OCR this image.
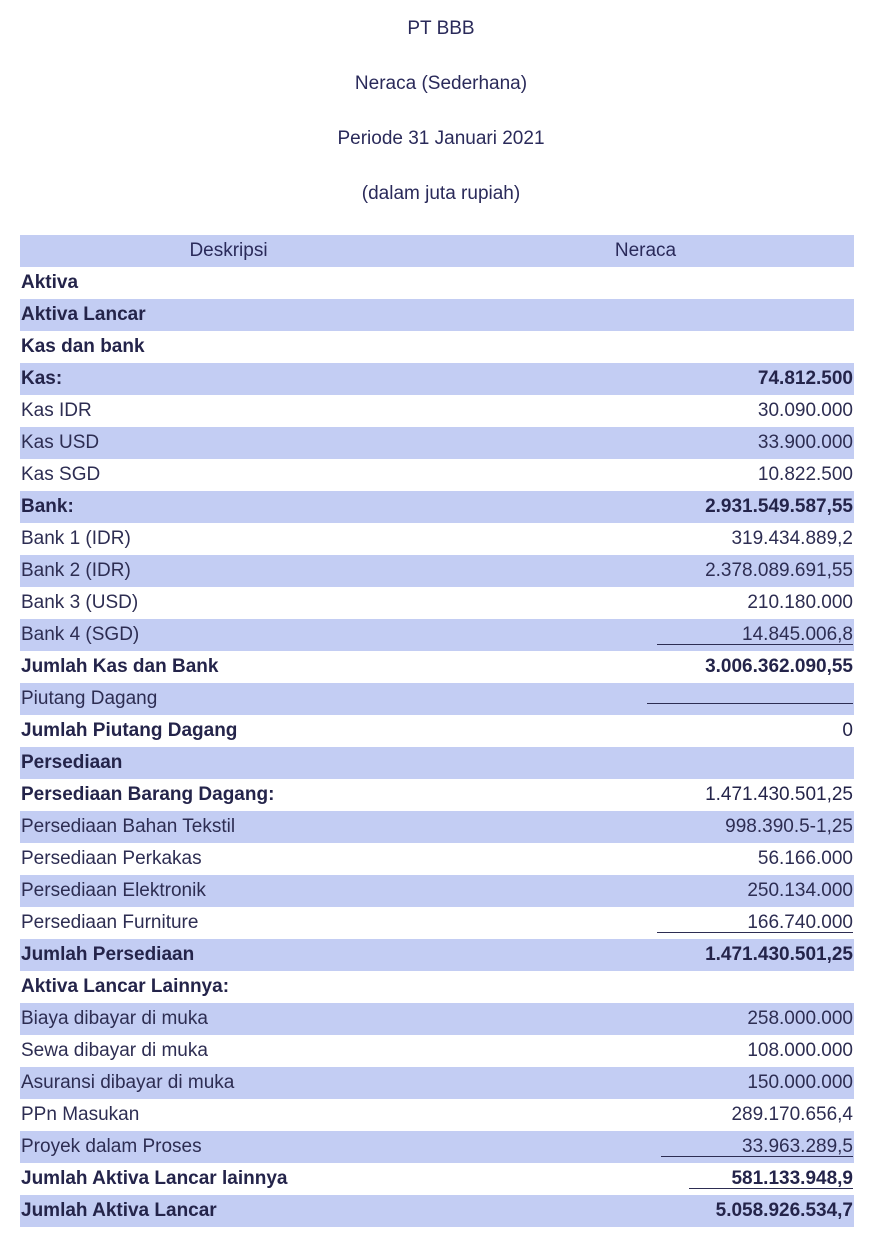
PT BBB
Neraca (Sederhana)
Periode 31 Januari 2021
(dalam juta rupiah)
Deskripsi	Neraca
Aktiva	
Aktiva Lancar	
Kas dan bank	
Kas:	74.812.500
Kas IDR	30.090.000
Kas USD	33.900.000
Kas SGD	10.822.500
Bank:	2.931.549.587,55
Bank 1 (IDR)	319.434.889,2
Bank 2 (IDR)	2.378.089.691,55
Bank 3 (USD)	210.180.000
Bank 4 (SGD)	14.845.006,8
Jumlah Kas dan Bank	3.006.362.090,55
Piutang Dagang	
Jumlah Piutang Dagang	0
Persediaan	
Persediaan Barang Dagang:	1.471.430.501,25
Persediaan Bahan Tekstil	998.390.5-1,25
Persediaan Perkakas	56.166.000
Persediaan Elektronik	250.134.000
Persediaan Furniture	166.740.000
Jumlah Persediaan	1.471.430.501,25
Aktiva Lancar Lainnya:	
Biaya dibayar di muka	258.000.000
Sewa dibayar di muka	108.000.000
Asuransi dibayar di muka	150.000.000
PPn Masukan	289.170.656,4
Proyek dalam Proses	33.963.289,5
Jumlah Aktiva Lancar lainnya	581.133.948,9
Jumlah Aktiva Lancar	5.058.926.534,7
